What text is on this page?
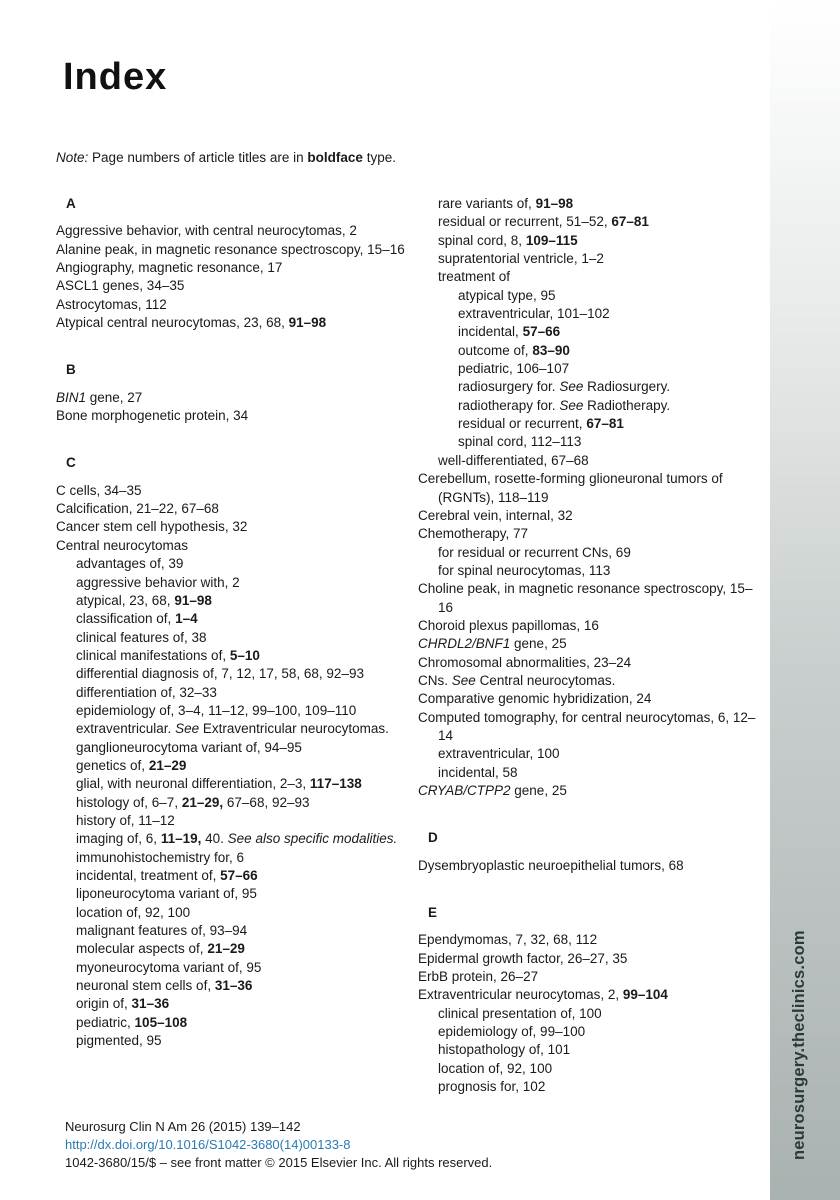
neurosurgery.theclinics.com
Index
Note: Page numbers of article titles are in boldface type.
A
Aggressive behavior, with central neurocytomas, 2
Alanine peak, in magnetic resonance spectroscopy, 15–16
Angiography, magnetic resonance, 17
ASCL1 genes, 34–35
Astrocytomas, 112
Atypical central neurocytomas, 23, 68, 91–98
B
BIN1 gene, 27
Bone morphogenetic protein, 34
C
C cells, 34–35
Calcification, 21–22, 67–68
Cancer stem cell hypothesis, 32
Central neurocytomas
advantages of, 39
aggressive behavior with, 2
atypical, 23, 68, 91–98
classification of, 1–4
clinical features of, 38
clinical manifestations of, 5–10
differential diagnosis of, 7, 12, 17, 58, 68, 92–93
differentiation of, 32–33
epidemiology of, 3–4, 11–12, 99–100, 109–110
extraventricular. See Extraventricular neurocytomas.
ganglioneurocytoma variant of, 94–95
genetics of, 21–29
glial, with neuronal differentiation, 2–3, 117–138
histology of, 6–7, 21–29, 67–68, 92–93
history of, 11–12
imaging of, 6, 11–19, 40. See also specific modalities.
immunohistochemistry for, 6
incidental, treatment of, 57–66
liponeurocytoma variant of, 95
location of, 92, 100
malignant features of, 93–94
molecular aspects of, 21–29
myoneurocytoma variant of, 95
neuronal stem cells of, 31–36
origin of, 31–36
pediatric, 105–108
pigmented, 95
rare variants of, 91–98
residual or recurrent, 51–52, 67–81
spinal cord, 8, 109–115
supratentorial ventricle, 1–2
treatment of
atypical type, 95
extraventricular, 101–102
incidental, 57–66
outcome of, 83–90
pediatric, 106–107
radiosurgery for. See Radiosurgery.
radiotherapy for. See Radiotherapy.
residual or recurrent, 67–81
spinal cord, 112–113
well-differentiated, 67–68
Cerebellum, rosette-forming glioneuronal tumors of (RGNTs), 118–119
Cerebral vein, internal, 32
Chemotherapy, 77
for residual or recurrent CNs, 69
for spinal neurocytomas, 113
Choline peak, in magnetic resonance spectroscopy, 15–16
Choroid plexus papillomas, 16
CHRDL2/BNF1 gene, 25
Chromosomal abnormalities, 23–24
CNs. See Central neurocytomas.
Comparative genomic hybridization, 24
Computed tomography, for central neurocytomas, 6, 12–14
extraventricular, 100
incidental, 58
CRYAB/CTPP2 gene, 25
D
Dysembryoplastic neuroepithelial tumors, 68
E
Ependymomas, 7, 32, 68, 112
Epidermal growth factor, 26–27, 35
ErbB protein, 26–27
Extraventricular neurocytomas, 2, 99–104
clinical presentation of, 100
epidemiology of, 99–100
histopathology of, 101
location of, 92, 100
prognosis for, 102
Neurosurg Clin N Am 26 (2015) 139–142
http://dx.doi.org/10.1016/S1042-3680(14)00133-8
1042-3680/15/$ – see front matter © 2015 Elsevier Inc. All rights reserved.
